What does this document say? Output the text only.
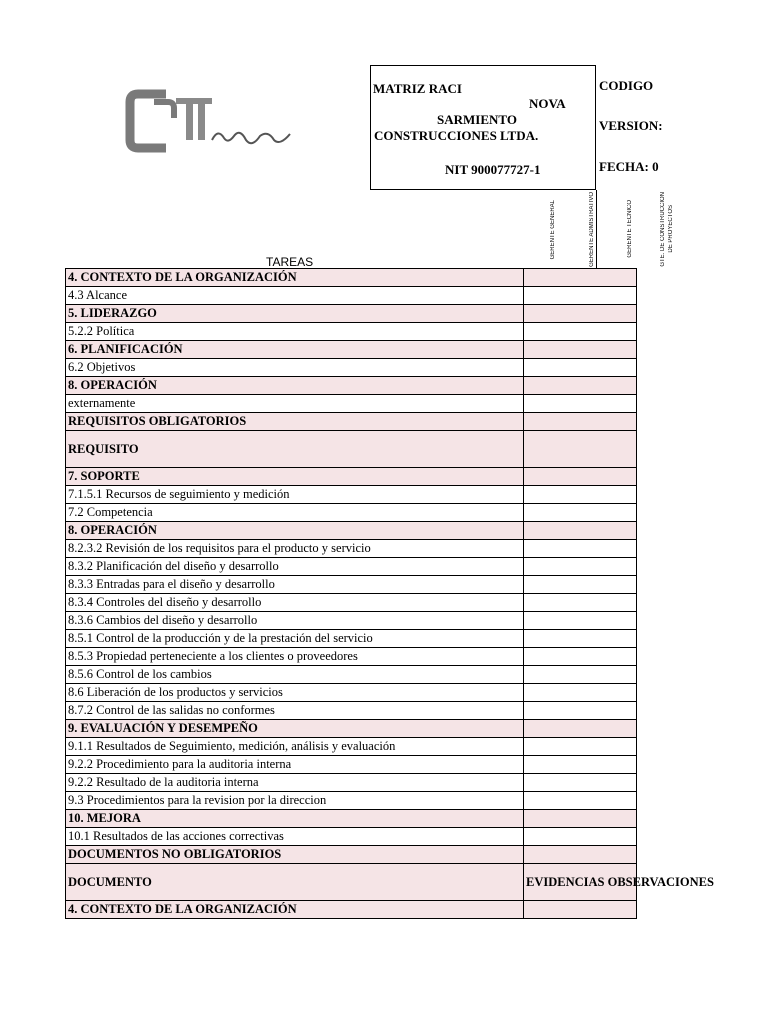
MATRIZ RACI
NOVA
SARMIENTO
CONSTRUCCIONES LTDA.
NIT 900077727-1
CODIGO
VERSION:
FECHA: 0
GERENTE GENERAL	GERENTE ADMISTRATIVO	GERENTE TECNICO	GTE. DE CONSTRUCCION DE PROYECTOS
TAREAS
4. CONTEXTO DE LA ORGANIZACIÓN	
4.3 Alcance	
5. LIDERAZGO	
5.2.2 Política	
6. PLANIFICACIÓN	
6.2 Objetivos	
8. OPERACIÓN	
externamente	
REQUISITOS OBLIGATORIOS	
REQUISITO	
7. SOPORTE	
7.1.5.1 Recursos de seguimiento y medición	
7.2 Competencia	
8. OPERACIÓN	
8.2.3.2 Revisión de los requisitos para el producto y servicio	
8.3.2 Planificación del diseño y desarrollo	
8.3.3 Entradas para el diseño y desarrollo	
8.3.4 Controles del diseño y desarrollo	
8.3.6 Cambios del diseño y desarrollo	
8.5.1 Control de la producción y de la prestación del servicio	
8.5.3 Propiedad perteneciente a los clientes o proveedores	
8.5.6 Control de los cambios	
8.6 Liberación de los productos y servicios	
8.7.2 Control de las salidas no conformes	
9. EVALUACIÓN Y DESEMPEÑO	
9.1.1 Resultados de Seguimiento, medición, análisis y evaluación	
9.2.2 Procedimiento para la auditoria interna	
9.2.2 Resultado de la auditoria interna	
9.3 Procedimientos para la revision por la direccion	
10. MEJORA	
10.1 Resultados de las acciones correctivas	
DOCUMENTOS NO OBLIGATORIOS	
DOCUMENTO	EVIDENCIAS OBSERVACIONES

4. CONTEXTO DE LA ORGANIZACIÓN	
